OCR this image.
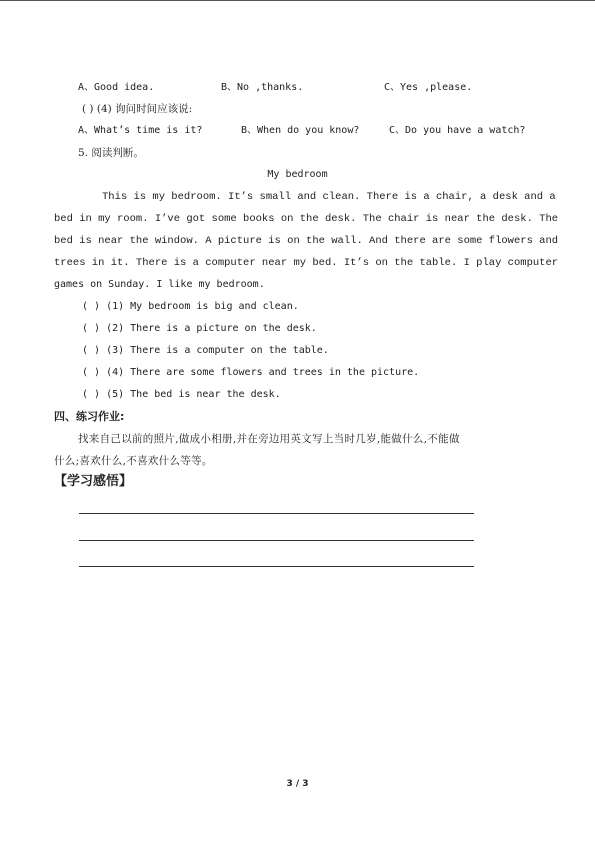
A、Good idea.	B、No ,thanks.	C、Yes ,please.
( ) (4) 询问时间应该说:
A、What’s time is it?	B、When do you know?	C、Do you have a watch?
5. 阅读判断。
My bedroom
This is my bedroom. It’s small and clean. There is a chair, a desk and a
bed in my room. I’ve got some books on the desk. The chair is near the desk. The
bed is near the window. A picture is on the wall. And there are some flowers and
trees in it. There is a computer near my bed. It’s on the table. I play computer
games on Sunday. I like my bedroom.
( ) (1) My bedroom is big and clean.
( ) (2) There is a picture on the desk.
( ) (3) There is a computer on the table.
( ) (4) There are some flowers and trees in the picture.
( ) (5) The bed is near the desk.
四、练习作业:
找来自己以前的照片,做成小相册,并在旁边用英文写上当时几岁,能做什么,不能做
什么;喜欢什么,不喜欢什么等等。
【学习感悟】
3 / 3
